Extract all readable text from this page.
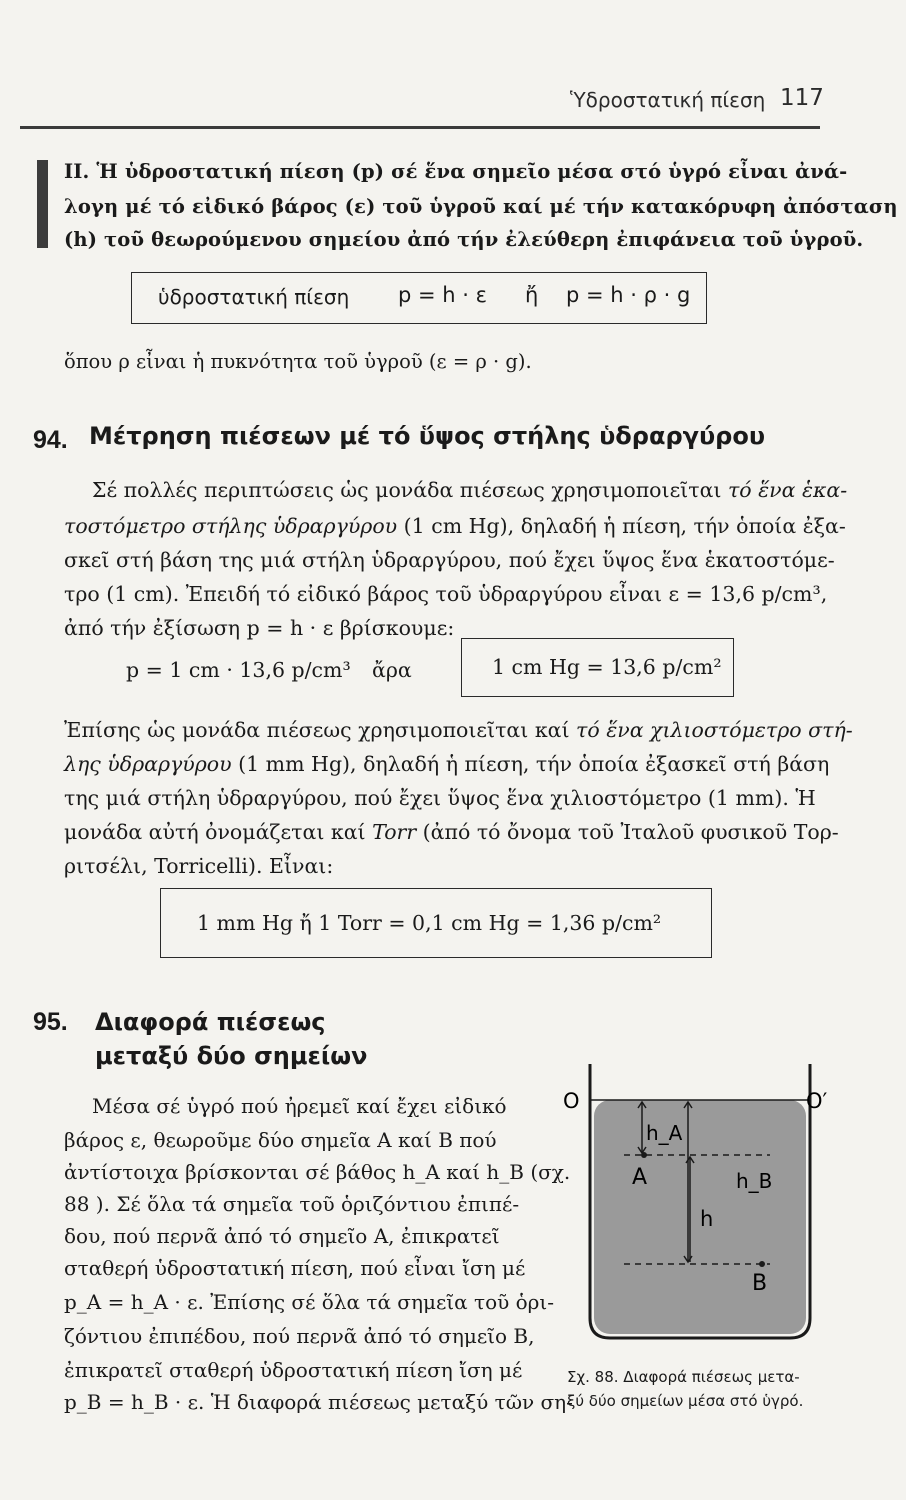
Ὑδροστατική πίεση 117
ΙΙ. Ἡ ὑδροστατική πίεση (p) σέ ἕνα σημεῖο μέσα στό ὑγρό εἶναι ἀνά-
λογη μέ τό εἰδικό βάρος (ε) τοῦ ὑγροῦ καί μέ τήν κατακόρυφη ἀπόσταση
(h) τοῦ θεωρούμενου σημείου ἀπό τήν ἐλεύθερη ἐπιφάνεια τοῦ ὑγροῦ.
ὑδροστατική πίεση p = h · ε ἤ p = h · ρ · g
ὅπου ρ εἶναι ἡ πυκνότητα τοῦ ὑγροῦ (ε = ρ · g).
94. Μέτρηση πιέσεων μέ τό ὕψος στήλης ὑδραργύρου
Σέ πολλές περιπτώσεις ὡς μονάδα πιέσεως χρησιμοποιεῖται τό ἕνα ἑκα-
τοστόμετρο στήλης ὑδραργύρου (1 cm Hg), δηλαδή ἡ πίεση, τήν ὁποία ἐξα-
σκεῖ στή βάση της μιά στήλη ὑδραργύρου, πού ἔχει ὕψος ἕνα ἑκατοστόμε-
τρο (1 cm). Ἐπειδή τό εἰδικό βάρος τοῦ ὑδραργύρου εἶναι ε = 13,6 p/cm³,
ἀπό τήν ἐξίσωση p = h · ε βρίσκουμε:
p = 1 cm · 13,6 p/cm³ ἄρα	1 cm Hg = 13,6 p/cm²
Ἐπίσης ὡς μονάδα πιέσεως χρησιμοποιεῖται καί τό ἕνα χιλιοστόμετρο στή-
λης ὑδραργύρου (1 mm Hg), δηλαδή ἡ πίεση, τήν ὁποία ἐξασκεῖ στή βάση
της μιά στήλη ὑδραργύρου, πού ἔχει ὕψος ἕνα χιλιοστόμετρο (1 mm). Ἡ
μονάδα αὐτή ὀνομάζεται καί Torr (ἀπό τό ὄνομα τοῦ Ἰταλοῦ φυσικοῦ Τορ-
ριτσέλι, Torricelli). Εἶναι:
1 mm Hg ἤ 1 Torr = 0,1 cm Hg = 1,36 p/cm²
95. Διαφορά πιέσεως
μεταξύ δύο σημείων
Μέσα σέ ὑγρό πού ἠρεμεῖ καί ἔχει εἰδικό
βάρος ε, θεωροῦμε δύο σημεῖα Α καί Β πού
ἀντίστοιχα βρίσκονται σέ βάθος h_A καί h_B (σχ.
88 ). Σέ ὅλα τά σημεῖα τοῦ ὁριζόντιου ἐπιπέ-
δου, πού περνᾶ ἀπό τό σημεῖο Α, ἐπικρατεῖ
σταθερή ὑδροστατική πίεση, πού εἶναι ἴση μέ
p_A = h_A · ε. Ἐπίσης σέ ὅλα τά σημεῖα τοῦ ὁρι-
ζόντιου ἐπιπέδου, πού περνᾶ ἀπό τό σημεῖο Β,
ἐπικρατεῖ σταθερή ὑδροστατική πίεση ἴση μέ
p_B = h_B · ε. Ἡ διαφορά πιέσεως μεταξύ τῶν ση-
O	O′
h_A
A	h_B
h
B
Σχ. 88. Διαφορά πιέσεως μετα-
ξύ δύο σημείων μέσα στό ὑγρό.
